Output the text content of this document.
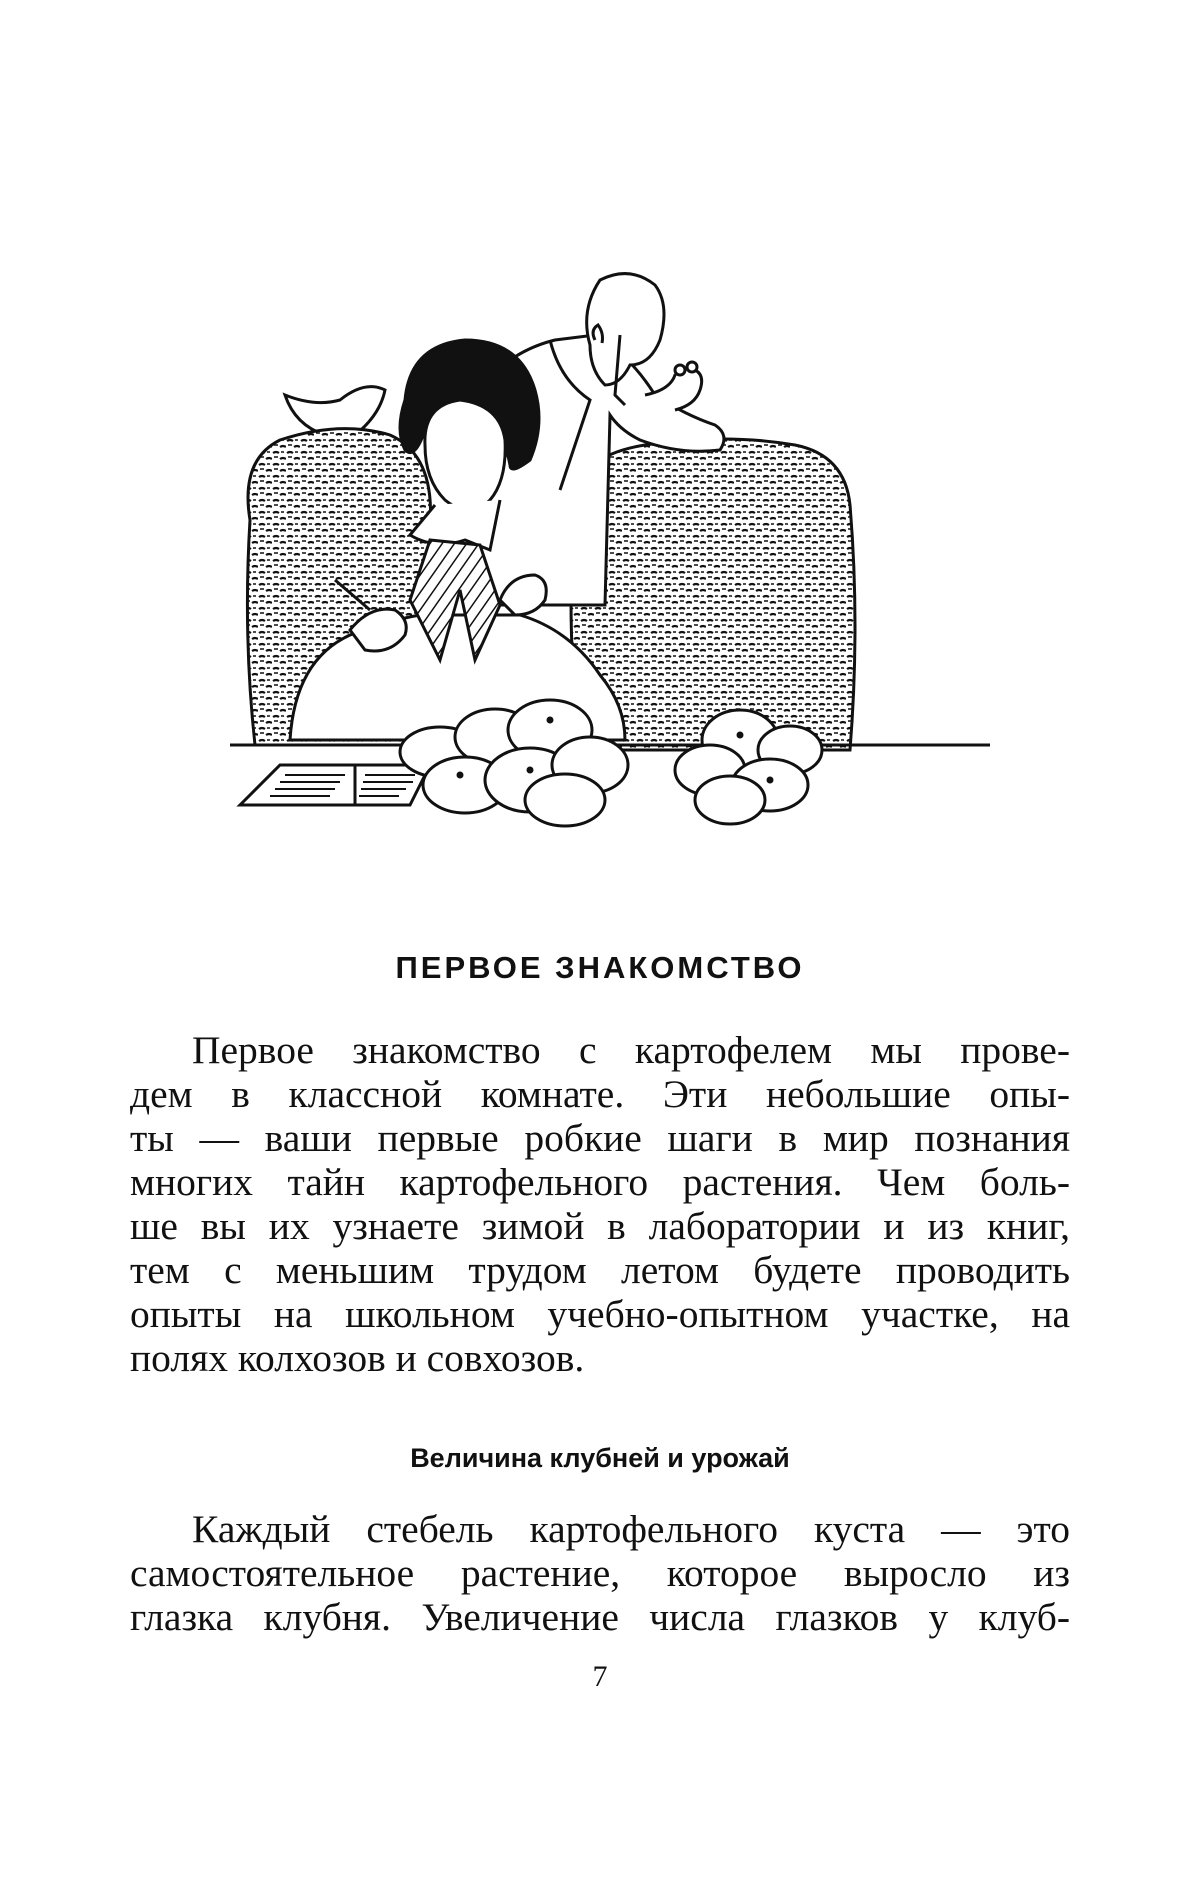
ПЕРВОЕ ЗНАКОМСТВО
Первое знакомство с картофелем мы прове-
дем в классной комнате. Эти небольшие опы-
ты — ваши первые робкие шаги в мир познания
многих тайн картофельного растения. Чем боль-
ше вы их узнаете зимой в лаборатории и из книг,
тем с меньшим трудом летом будете проводить
опыты на школьном учебно-опытном участке, на
полях колхозов и совхозов.
Величина клубней и урожай
Каждый стебель картофельного куста — это
самостоятельное растение, которое выросло из
глазка клубня. Увеличение числа глазков у клуб-
7
